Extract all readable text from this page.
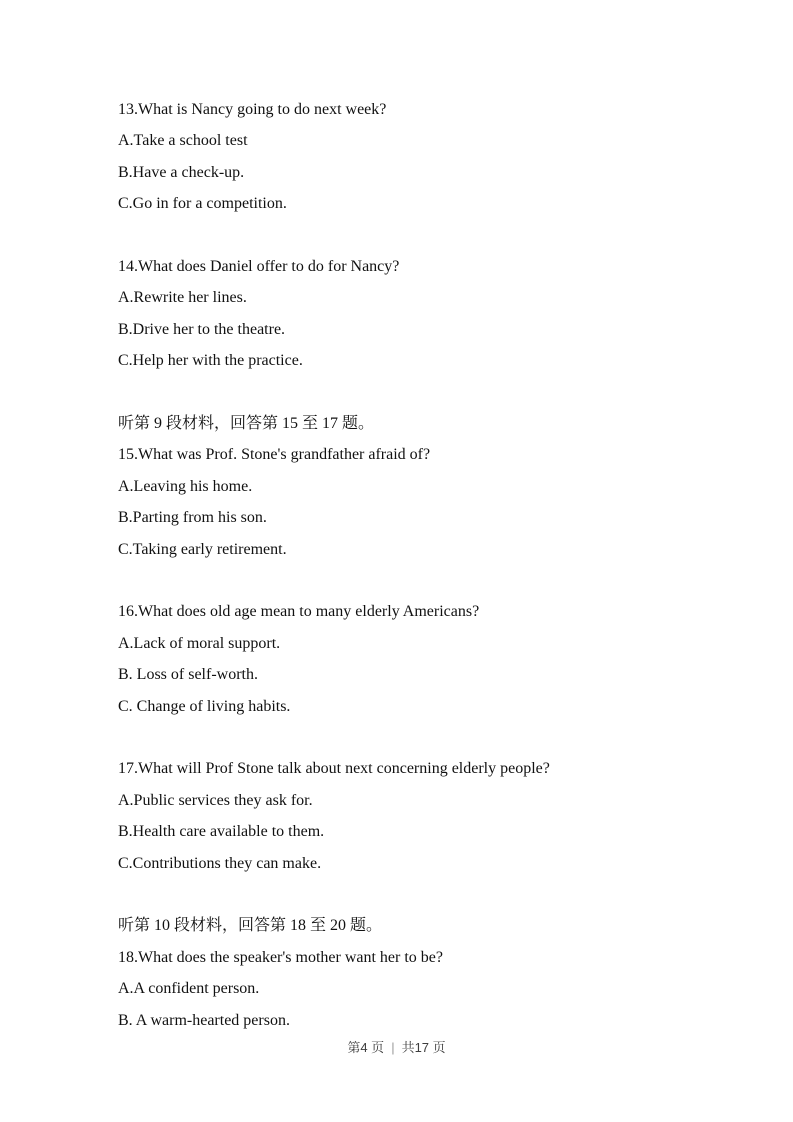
13.What is Nancy going to do next week?

A.Take a school test

B.Have a check-up.

C.Go in for a competition.

14.What does Daniel offer to do for Nancy?

A.Rewrite her lines.

B.Drive her to the theatre.

C.Help her with the practice.

听第 9 段材料，回答第 15 至 17 题。

15.What was Prof. Stone's grandfather afraid of?

A.Leaving his home.

B.Parting from his son.

C.Taking early retirement.

16.What does old age mean to many elderly Americans?

A.Lack of moral support.

B. Loss of self-worth.

C. Change of living habits.

17.What will Prof Stone talk about next concerning elderly people?

A.Public services they ask for.

B.Health care available to them.

C.Contributions they can make.

听第 10 段材料，回答第 18 至 20 题。

18.What does the speaker's mother want her to be?

A.A confident person.

B. A warm-hearted person.

第4 页 | 共17 页
